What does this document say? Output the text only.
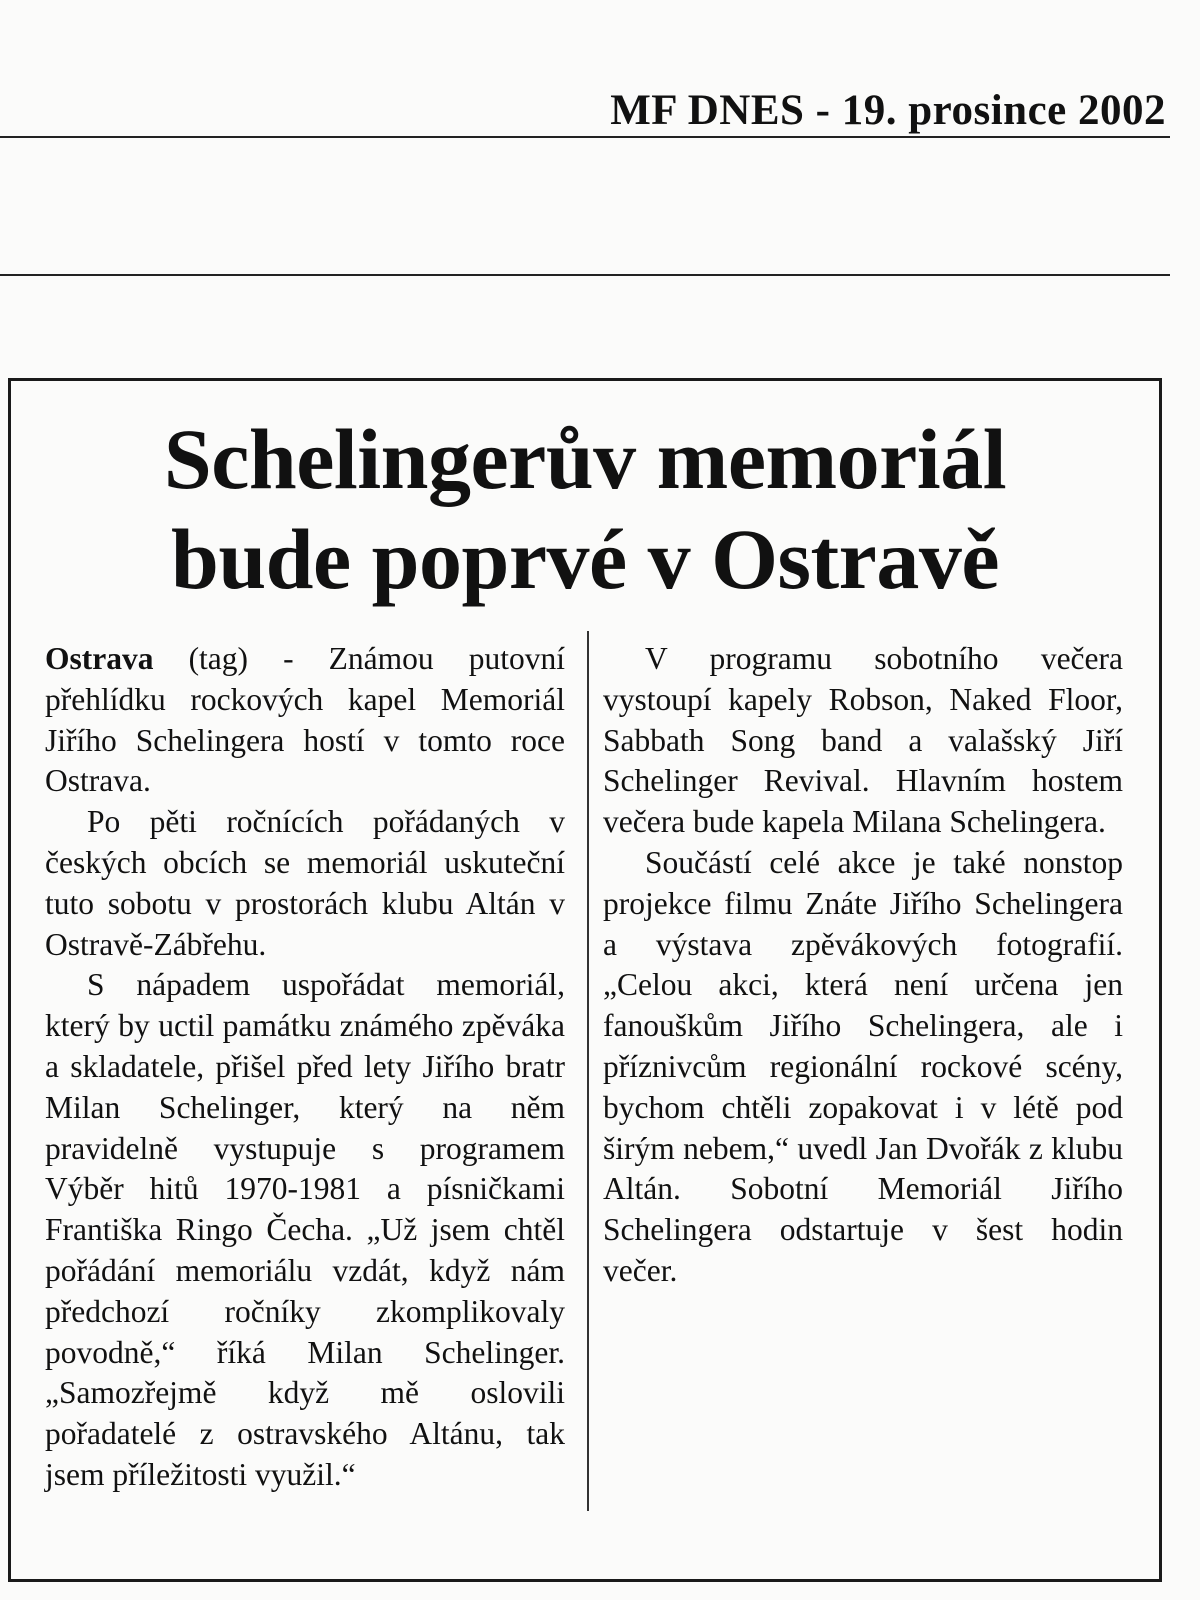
MF DNES - 19. prosince 2002
Schelingerův memoriál
bude poprvé v Ostravě

Ostrava (tag) - Známou putovní přehlídku rockových kapel Memoriál Jiřího Schelingera hostí v tomto roce Ostrava.

Po pěti ročnících pořádaných v českých obcích se memoriál uskuteční tuto sobotu v prostorách klubu Altán v Ostravě-Zábřehu.

S nápadem uspořádat memoriál, který by uctil památku známého zpěváka a skladatele, přišel před lety Jiřího bratr Milan Schelinger, který na něm pravidelně vystupuje s programem Výběr hitů 1970-1981 a písničkami Františka Ringo Čecha. „Už jsem chtěl pořádání memoriálu vzdát, když nám předchozí ročníky zkomplikovaly povodně,“ říká Milan Schelinger. „Samozřejmě když mě oslovili pořadatelé z ostravského Altánu, tak jsem příležitosti využil.“

V programu sobotního večera vystoupí kapely Robson, Naked Floor, Sabbath Song band a valašský Jiří Schelinger Revival. Hlavním hostem večera bude kapela Milana Schelingera.

Součástí celé akce je také nonstop projekce filmu Znáte Jiřího Schelingera a výstava zpěvákových fotografií. „Celou akci, která není určena jen fanouškům Jiřího Schelingera, ale i příznivcům regionální rockové scény, bychom chtěli zopakovat i v létě pod širým nebem,“ uvedl Jan Dvořák z klubu Altán. Sobotní Memoriál Jiřího Schelingera odstartuje v šest hodin večer.
